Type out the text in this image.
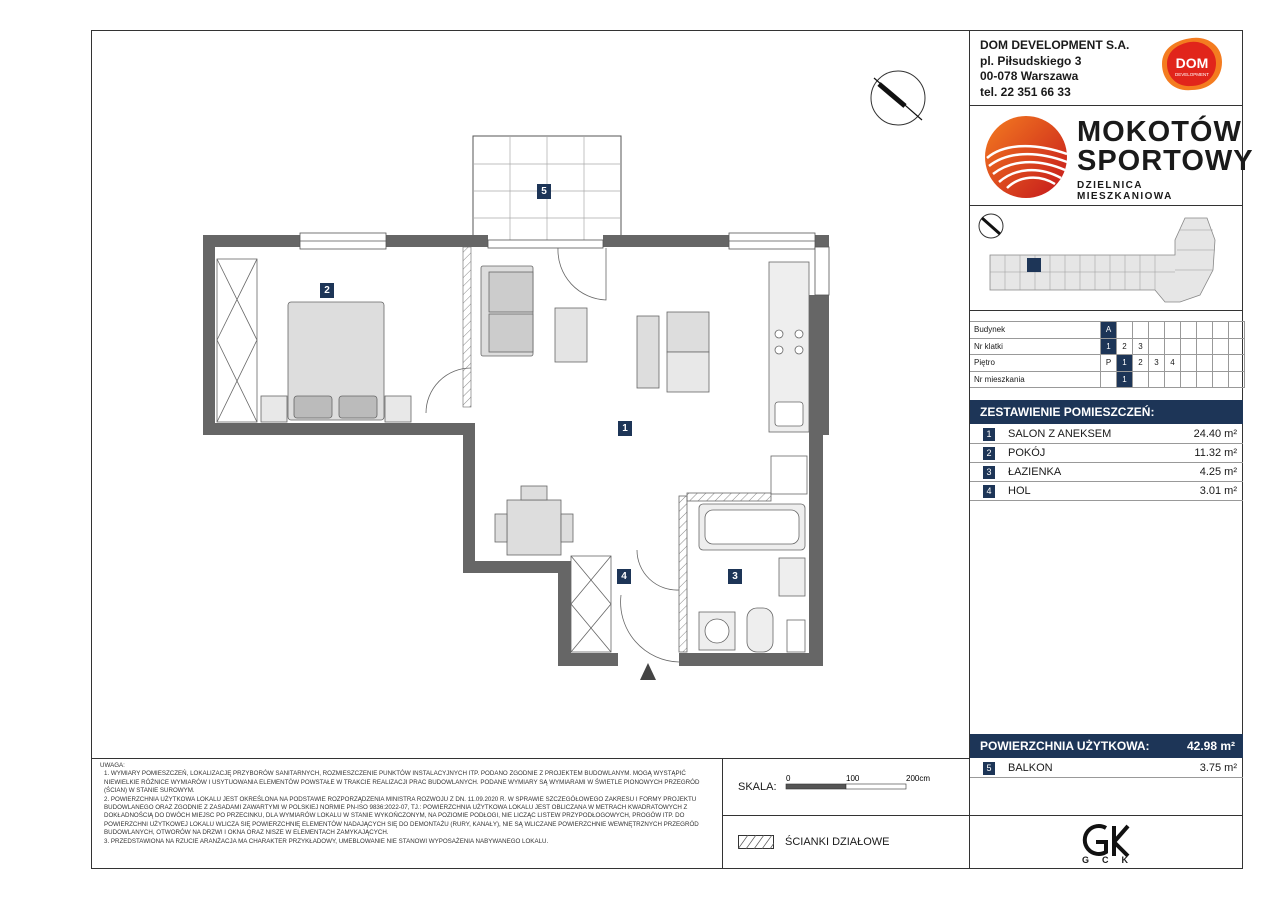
DOM DEVELOPMENT S.A.
pl. Piłsudskiego 3
00-078 Warszawa
tel. 22 351 66 33
DOM
DEVELOPMENT
MOKOTÓW
SPORTOWY
DZIELNICA MIESZKANIOWA
Budynek	A								
Nr klatki	1	2	3						
Piętro	P	1	2	3	4				
Nr mieszkania		1							
ZESTAWIENIE POMIESZCZEŃ:
1	SALON Z ANEKSEM	24.40 m²
2	POKÓJ	11.32 m²
3	ŁAZIENKA	4.25 m²
4	HOL	3.01 m²
POWIERZCHNIA UŻYTKOWA:	42.98 m²
5	BALKON	3.75 m²

UWAGA:

1. WYMIARY POMIESZCZEŃ, LOKALIZACJĘ PRZYBORÓW SANITARNYCH, ROZMIESZCZENIE PUNKTÓW INSTALACYJNYCH ITP. PODANO ZGODNIE Z PROJEKTEM BUDOWLANYM. MOGĄ WYSTĄPIĆ NIEWIELKIE RÓŻNICE WYMIARÓW I USYTUOWANIA ELEMENTÓW POWSTAŁE W TRAKCIE REALIZACJI PRAC BUDOWLANYCH. PODANE WYMIARY SĄ WYMIARAMI W ŚWIETLE PIONOWYCH PRZEGRÓD (ŚCIAN) W STANIE SUROWYM.

2. POWIERZCHNIA UŻYTKOWA LOKALU JEST OKREŚLONA NA PODSTAWIE ROZPORZĄDZENIA MINISTRA ROZWOJU Z DN. 11.09.2020 R. W SPRAWIE SZCZEGÓŁOWEGO ZAKRESU I FORMY PROJEKTU BUDOWLANEGO ORAZ ZGODNIE Z ZASADAMI ZAWARTYMI W POLSKIEJ NORMIE PN-ISO 9836:2022-07, TJ.: POWIERZCHNIA UŻYTKOWA LOKALU JEST OBLICZANA W METRACH KWADRATOWYCH Z DOKŁADNOŚCIĄ DO DWÓCH MIEJSC PO PRZECINKU, DLA WYMIARÓW LOKALU W STANIE WYKOŃCZONYM, NA POZIOMIE PODŁOGI, NIE LICZĄC LISTEW PRZYPODŁOGOWYCH, PROGÓW ITP. DO POWIERZCHNI UŻYTKOWEJ LOKALU WLICZA SIĘ POWIERZCHNIĘ ELEMENTÓW NADAJĄCYCH SIĘ DO DEMONTAŻU (RURY, KANAŁY), NIE SĄ WLICZANE POWIERZCHNIE WEWNĘTRZNYCH PRZEGRÓD BUDOWLANYCH, OTWORÓW NA DRZWI I OKNA ORAZ NISZE W ELEMENTACH ZAMYKAJĄCYCH.

3. PRZEDSTAWIONA NA RZUCIE ARANŻACJA MA CHARAKTER PRZYKŁADOWY, UMEBLOWANIE NIE STANOWI WYPOSAŻENIA NABYWANEGO LOKALU.

SKALA:
0	100	200cm
ŚCIANKI DZIAŁOWE
GCK
1
2
3
4
5
